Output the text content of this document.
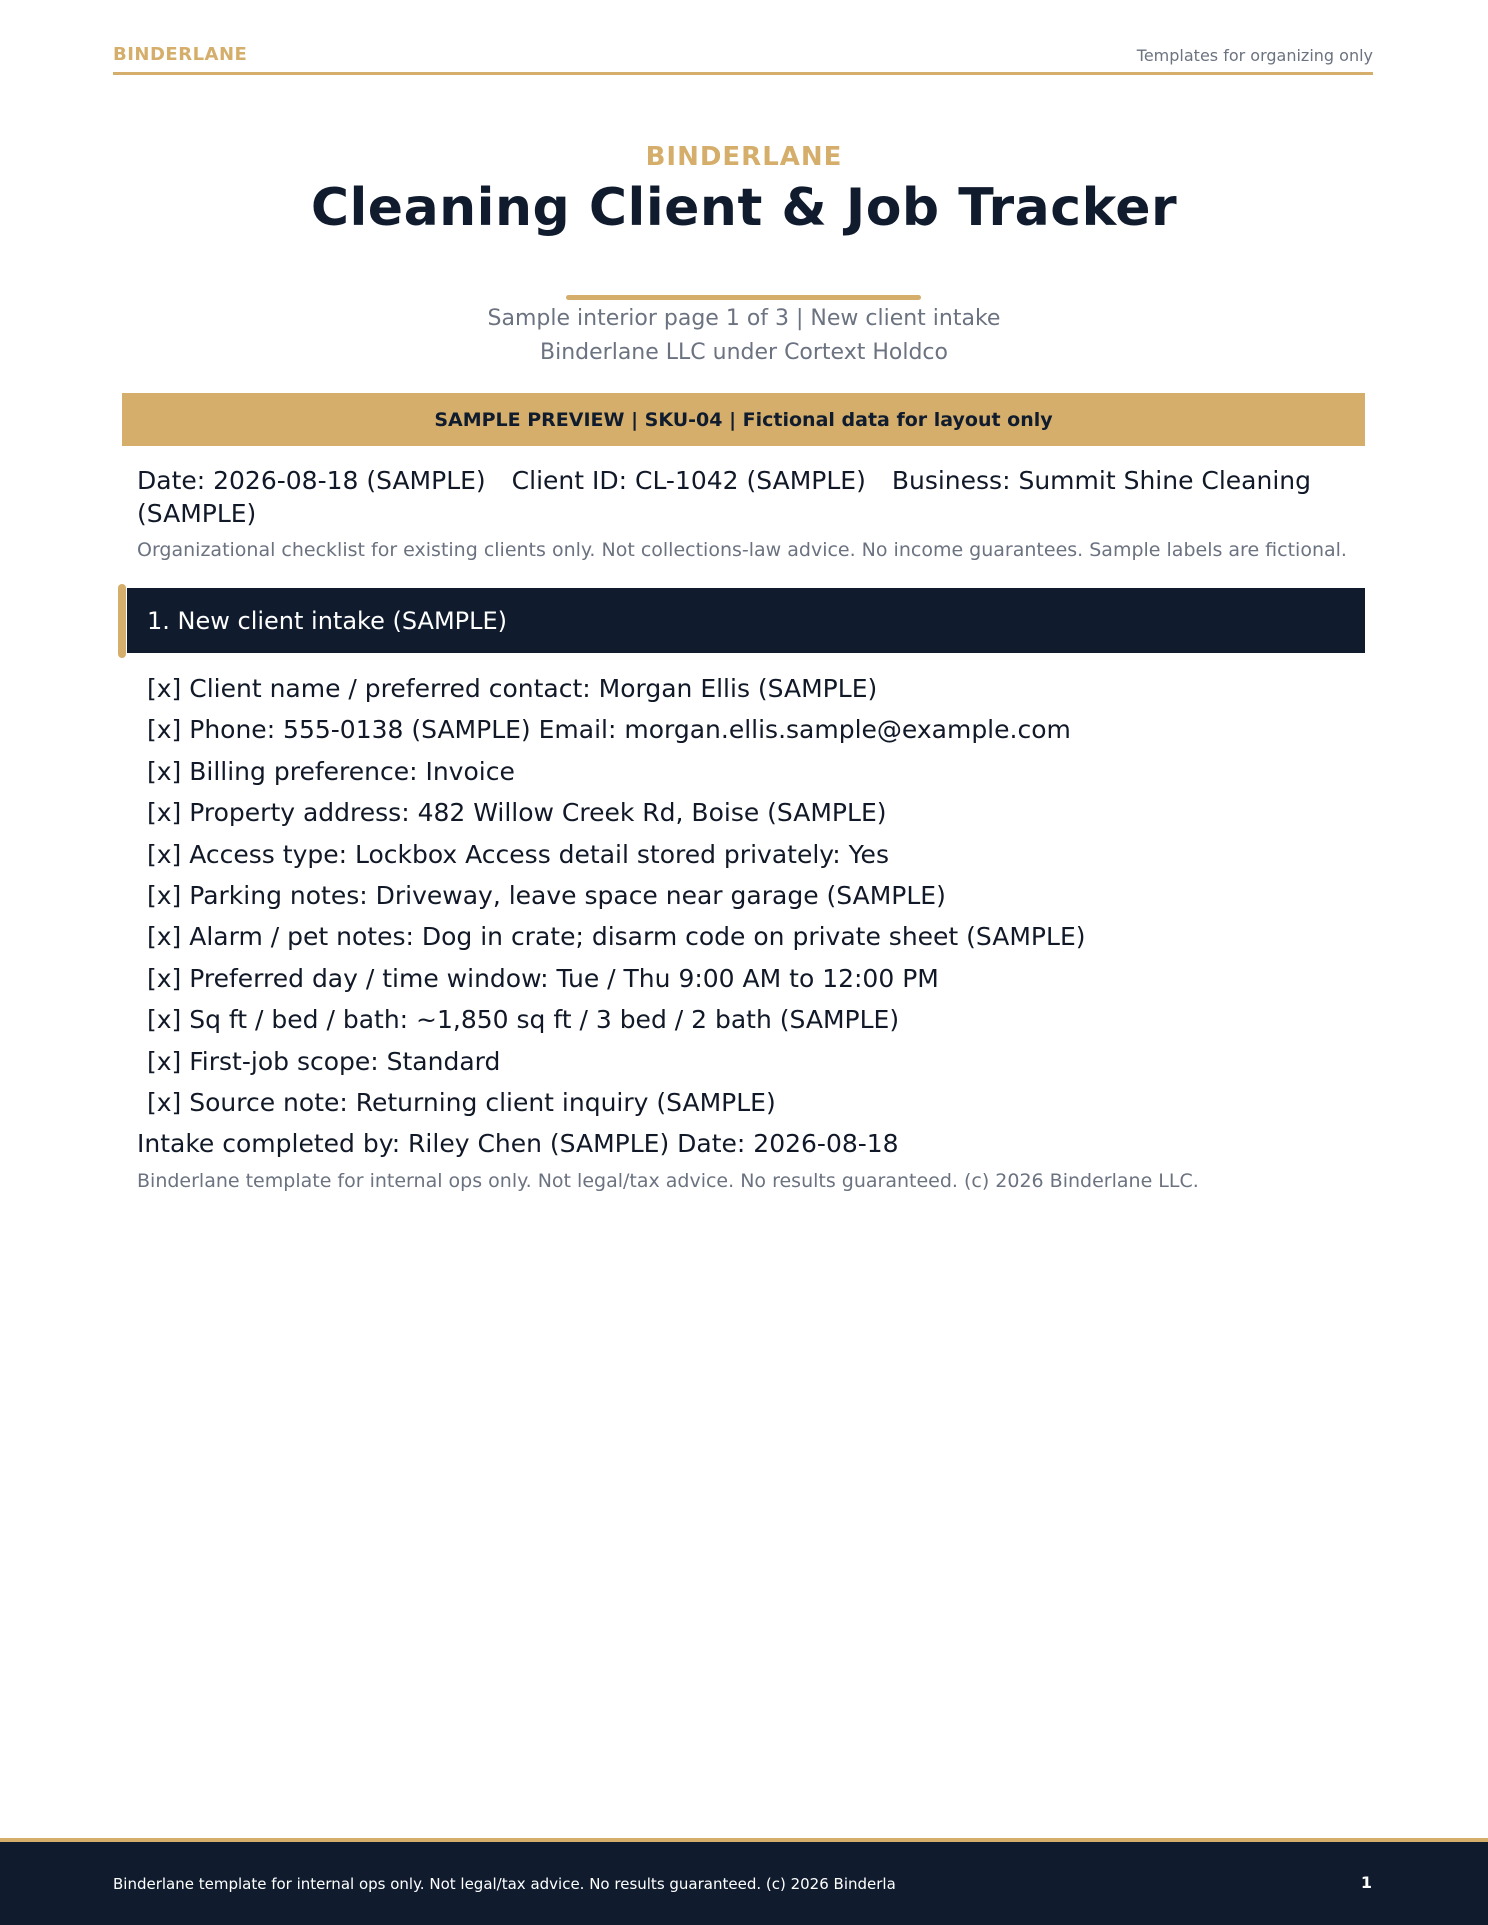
BINDERLANE	Templates for organizing only
BINDERLANE
Cleaning Client & Job Tracker
Sample interior page 1 of 3 | New client intake
Binderlane LLC under Cortext Holdco
SAMPLE PREVIEW | SKU-04 | Fictional data for layout only
Date: 2026-08-18 (SAMPLE) Client ID: CL-1042 (SAMPLE) Business: Summit Shine Cleaning (SAMPLE)
Organizational checklist for existing clients only. Not collections-law advice. No income guarantees. Sample labels are fictional.
1. New client intake (SAMPLE)
[x] Client name / preferred contact: Morgan Ellis (SAMPLE)
[x] Phone: 555-0138 (SAMPLE) Email: morgan.ellis.sample@example.com
[x] Billing preference: Invoice
[x] Property address: 482 Willow Creek Rd, Boise (SAMPLE)
[x] Access type: Lockbox Access detail stored privately: Yes
[x] Parking notes: Driveway, leave space near garage (SAMPLE)
[x] Alarm / pet notes: Dog in crate; disarm code on private sheet (SAMPLE)
[x] Preferred day / time window: Tue / Thu 9:00 AM to 12:00 PM
[x] Sq ft / bed / bath: ~1,850 sq ft / 3 bed / 2 bath (SAMPLE)
[x] First-job scope: Standard
[x] Source note: Returning client inquiry (SAMPLE)
Intake completed by: Riley Chen (SAMPLE) Date: 2026-08-18
Binderlane template for internal ops only. Not legal/tax advice. No results guaranteed. (c) 2026 Binderlane LLC.
Binderlane template for internal ops only. Not legal/tax advice. No results guaranteed. (c) 2026 Binderla	1
